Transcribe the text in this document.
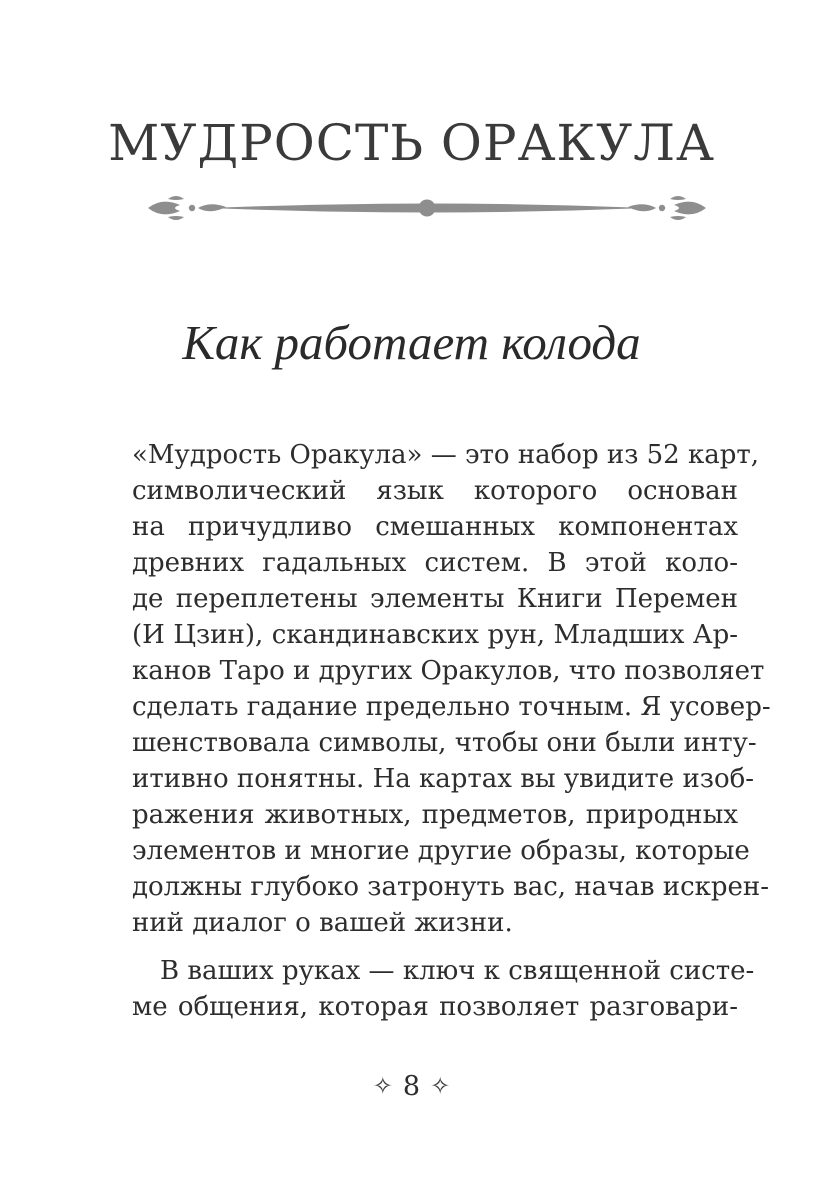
МУДРОСТЬ ОРАКУЛА
Как работает колода
«Мудрость Оракула» — это набор из 52 карт,
символический язык которого основан
на причудливо смешанных компонентах
древних гадальных систем. В этой коло-
де переплетены элементы Книги Перемен
(И Цзин), скандинавских рун, Младших Ар-
канов Таро и других Оракулов, что позволяет
сделать гадание предельно точным. Я усовер-
шенствовала символы, чтобы они были инту-
итивно понятны. На картах вы увидите изоб-
ражения животных, предметов, природных
элементов и многие другие образы, которые
должны глубоко затронуть вас, начав искрен-
ний диалог о вашей жизни.
В ваших руках — ключ к священной систе-
ме общения, которая позволяет разговари-
✧ 8 ✧
